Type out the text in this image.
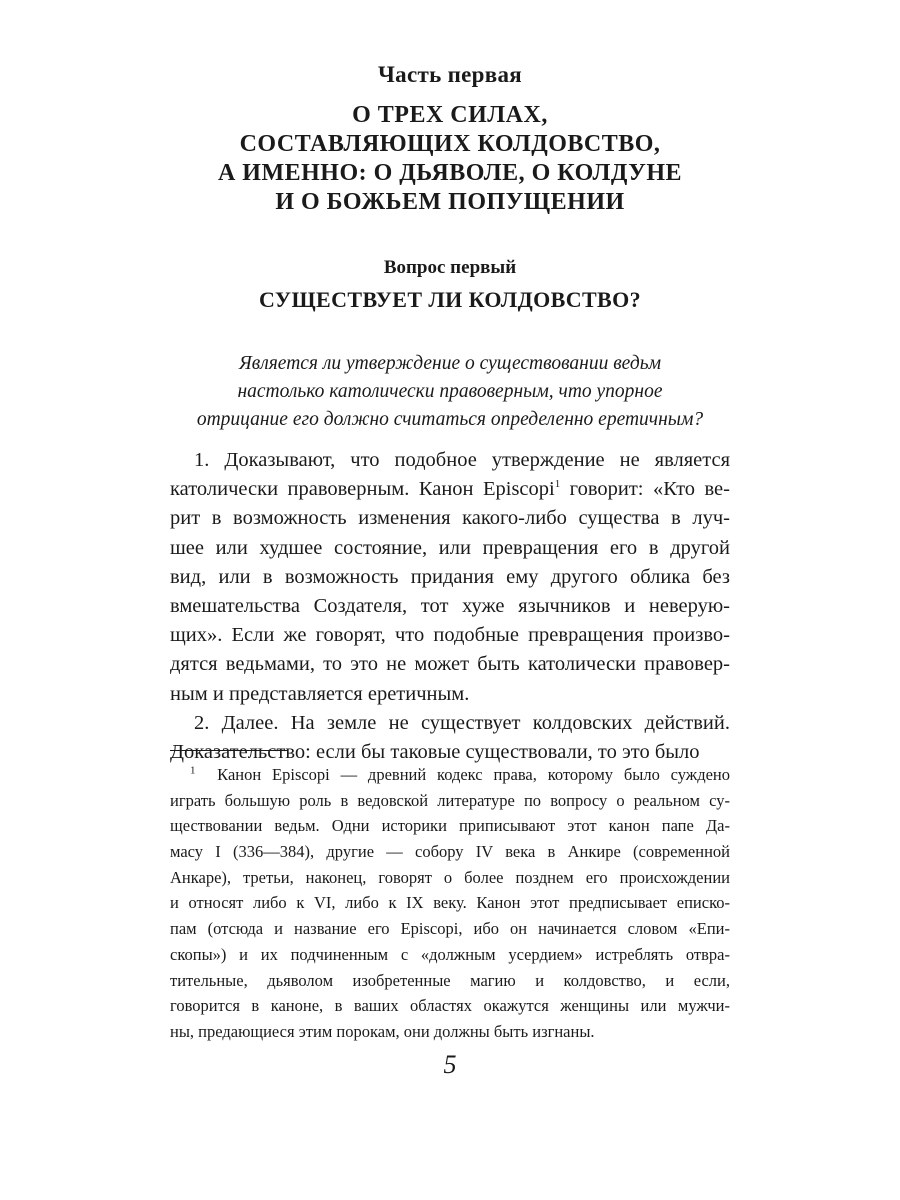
Часть первая
О ТРЕХ СИЛАХ,
СОСТАВЛЯЮЩИХ КОЛДОВСТВО,
А ИМЕННО: О ДЬЯВОЛЕ, О КОЛДУНЕ
И О БОЖЬЕМ ПОПУЩЕНИИ
Вопрос первый
СУЩЕСТВУЕТ ЛИ КОЛДОВСТВО?
Является ли утверждение о существовании ведьм
настолько католически правоверным, что упорное
отрицание его должно считаться определенно еретичным?
1. Доказывают, что подобное утверждение не является
католически правоверным. Канон Episcopi$^1$ говорит: «Кто ве-
рит в возможность изменения какого-либо существа в луч-
шее или худшее состояние, или превращения его в другой
вид, или в возможность придания ему другого облика без
вмешательства Создателя, тот хуже язычников и неверую-
щих». Если же говорят, что подобные превращения произво-
дятся ведьмами, то это не может быть католически правовер-
ным и представляется еретичным.
2. Далее. На земле не существует колдовских действий.
Доказательство: если бы таковые существовали, то это было
$^1$ Канон Episcopi — древний кодекс права, которому было суждено
играть большую роль в ведовской литературе по вопросу о реальном су-
ществовании ведьм. Одни историки приписывают этот канон папе Да-
масу I (336—384), другие — собору IV века в Анкире (современной
Анкаре), третьи, наконец, говорят о более позднем его происхождении
и относят либо к VI, либо к IX веку. Канон этот предписывает еписко-
пам (отсюда и название его Episcopi, ибо он начинается словом «Епи-
скопы») и их подчиненным с «должным усердием» истреблять отвра-
тительные, дьяволом изобретенные магию и колдовство, и если,
говорится в каноне, в ваших областях окажутся женщины или мужчи-
ны, предающиеся этим порокам, они должны быть изгнаны.
5
